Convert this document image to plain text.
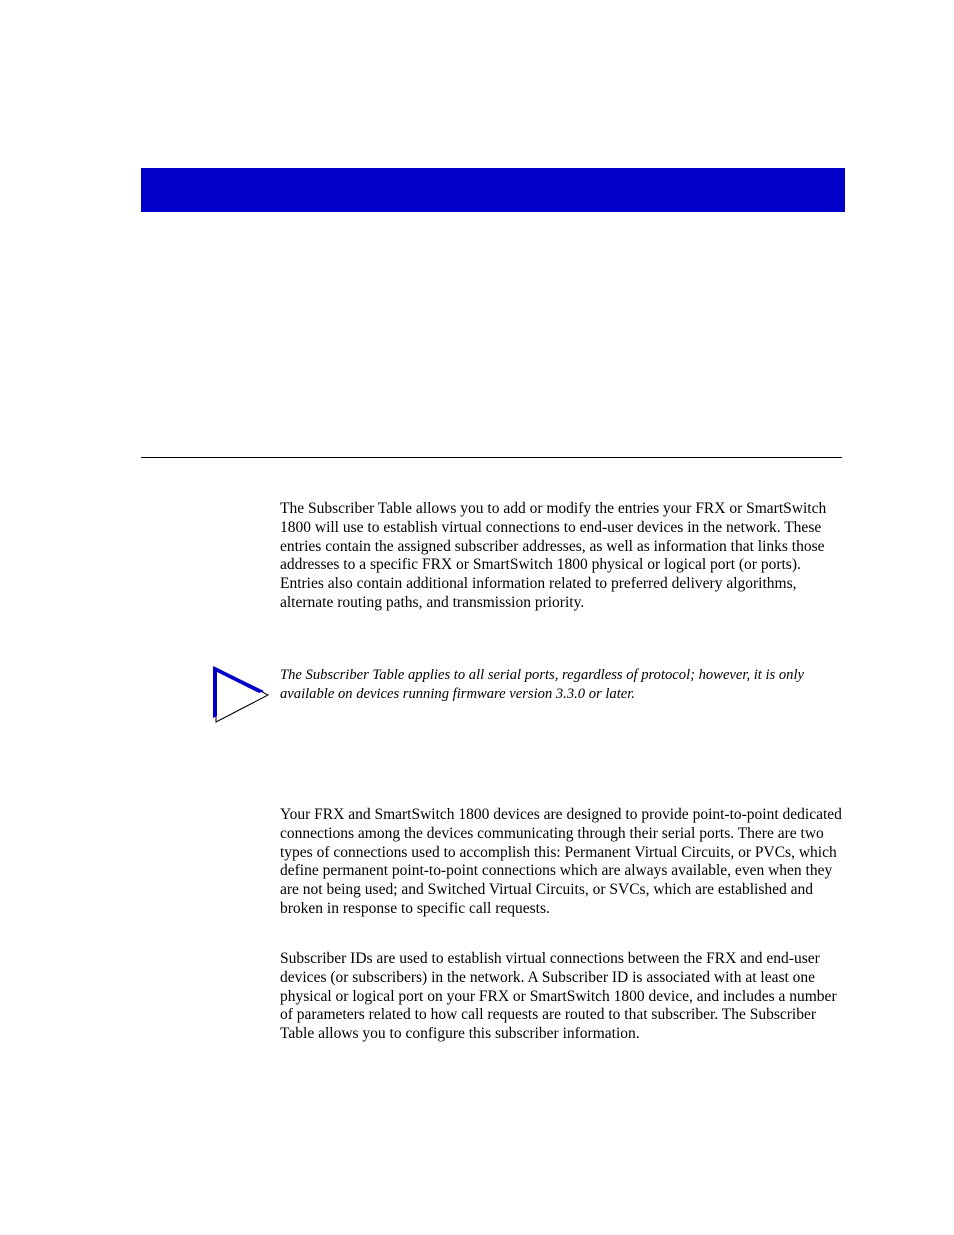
The Subscriber Table allows you to add or modify the entries your FRX or SmartSwitch 1800 will use to establish virtual connections to end-user devices in the network. These entries contain the assigned subscriber addresses, as well as information that links those addresses to a specific FRX or SmartSwitch 1800 physical or logical port (or ports). Entries also contain additional information related to preferred delivery algorithms, alternate routing paths, and transmission priority.

The Subscriber Table applies to all serial ports, regardless of protocol; however, it is only available on devices running firmware version 3.3.0 or later.

Your FRX and SmartSwitch 1800 devices are designed to provide point-to-point dedicated connections among the devices communicating through their serial ports. There are two types of connections used to accomplish this: Permanent Virtual Circuits, or PVCs, which define permanent point-to-point connections which are always available, even when they are not being used; and Switched Virtual Circuits, or SVCs, which are established and broken in response to specific call requests.

Subscriber IDs are used to establish virtual connections between the FRX and end-user devices (or subscribers) in the network. A Subscriber ID is associated with at least one physical or logical port on your FRX or SmartSwitch 1800 device, and includes a number of parameters related to how call requests are routed to that subscriber. The Subscriber Table allows you to configure this subscriber information.
